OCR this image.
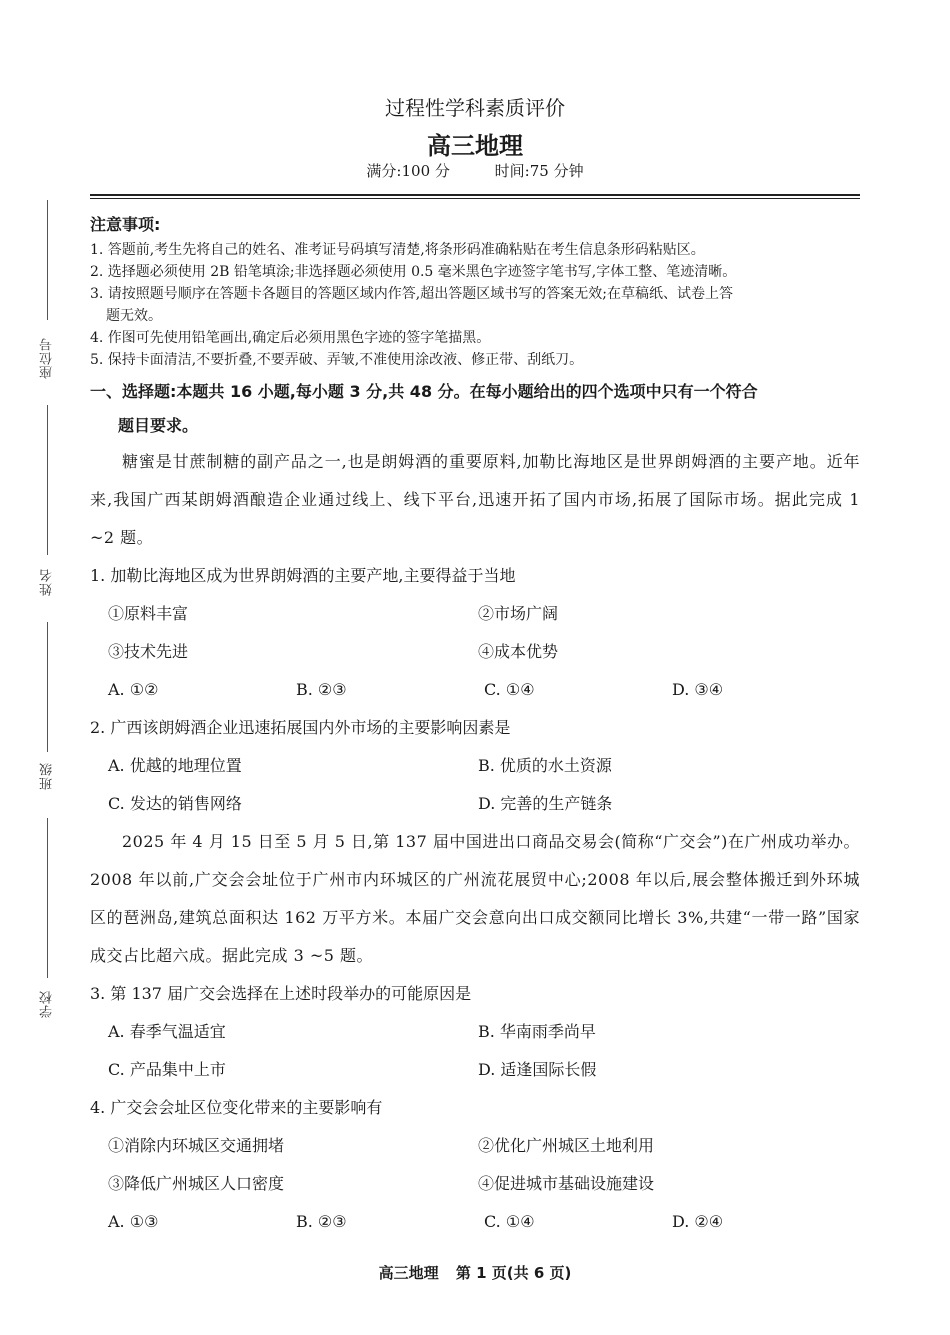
座位号
姓名
班级
学校
过程性学科素质评价
高三地理
满分:100 分	时间:75 分钟
注意事项:

1. 答题前,考生先将自己的姓名、准考证号码填写清楚,将条形码准确粘贴在考生信息条形码粘贴区。

2. 选择题必须使用 2B 铅笔填涂;非选择题必须使用 0.5 毫米黑色字迹签字笔书写,字体工整、笔迹清晰。

3. 请按照题号顺序在答题卡各题目的答题区域内作答,超出答题区域书写的答案无效;在草稿纸、试卷上答

题无效。

4. 作图可先使用铅笔画出,确定后必须用黑色字迹的签字笔描黑。

5. 保持卡面清洁,不要折叠,不要弄破、弄皱,不准使用涂改液、修正带、刮纸刀。

一、选择题:本题共 16 小题,每小题 3 分,共 48 分。在每小题给出的四个选项中只有一个符合
题目要求。

糖蜜是甘蔗制糖的副产品之一,也是朗姆酒的重要原料,加勒比海地区是世界朗姆酒的主要产地。近年来,我国广西某朗姆酒酿造企业通过线上、线下平台,迅速开拓了国内市场,拓展了国际市场。据此完成 1 ~2 题。

1. 加勒比海地区成为世界朗姆酒的主要产地,主要得益于当地

①原料丰富	②市场广阔
③技术先进	④成本优势
A. ①②	B. ②③	C. ①④	D. ③④

2. 广西该朗姆酒企业迅速拓展国内外市场的主要影响因素是

A. 优越的地理位置	B. 优质的水土资源
C. 发达的销售网络	D. 完善的生产链条

2025 年 4 月 15 日至 5 月 5 日,第 137 届中国进出口商品交易会(简称“广交会”)在广州成功举办。2008 年以前,广交会会址位于广州市内环城区的广州流花展贸中心;2008 年以后,展会整体搬迁到外环城区的琶洲岛,建筑总面积达 162 万平方米。本届广交会意向出口成交额同比增长 3%,共建“一带一路”国家成交占比超六成。据此完成 3 ~5 题。

3. 第 137 届广交会选择在上述时段举办的可能原因是

A. 春季气温适宜	B. 华南雨季尚早
C. 产品集中上市	D. 适逢国际长假

4. 广交会会址区位变化带来的主要影响有

①消除内环城区交通拥堵	②优化广州城区土地利用
③降低广州城区人口密度	④促进城市基础设施建设
A. ①③	B. ②③	C. ①④	D. ②④
高三地理 第 1 页(共 6 页)
